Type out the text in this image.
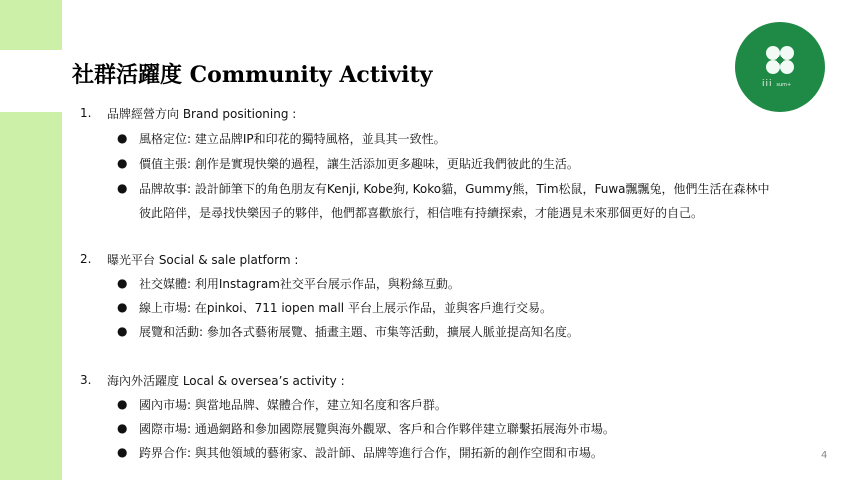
社群活躍度 Community Activity	iii sum+
1. 品牌經營方向 Brand positioning :
● 風格定位: 建立品牌IP和印花的獨特風格，並具其一致性。
● 價值主張: 創作是實現快樂的過程，讓生活添加更多趣味，更貼近我們彼此的生活。
● 品牌故事: 設計師筆下的角色朋友有Kenji, Kobe狗, Koko貓，Gummy熊，Tim松鼠，Fuwa飄飄兔，他們生活在森林中
彼此陪伴，是尋找快樂因子的夥伴，他們都喜歡旅行，相信唯有持續探索，才能遇見未來那個更好的自己。
2. 曝光平台 Social & sale platform :
● 社交媒體: 利用Instagram社交平台展示作品，與粉絲互動。
● 線上市場: 在pinkoi、711 iopen mall 平台上展示作品，並與客戶進行交易。
● 展覽和活動: 參加各式藝術展覽、插畫主題、市集等活動，擴展人脈並提高知名度。
3. 海內外活躍度 Local & oversea’s activity :
● 國內市場: 與當地品牌、媒體合作，建立知名度和客戶群。
● 國際市場: 通過網路和參加國際展覽與海外觀眾、客戶和合作夥伴建立聯繫拓展海外市場。
● 跨界合作: 與其他領域的藝術家、設計師、品牌等進行合作，開拓新的創作空間和市場。	4
